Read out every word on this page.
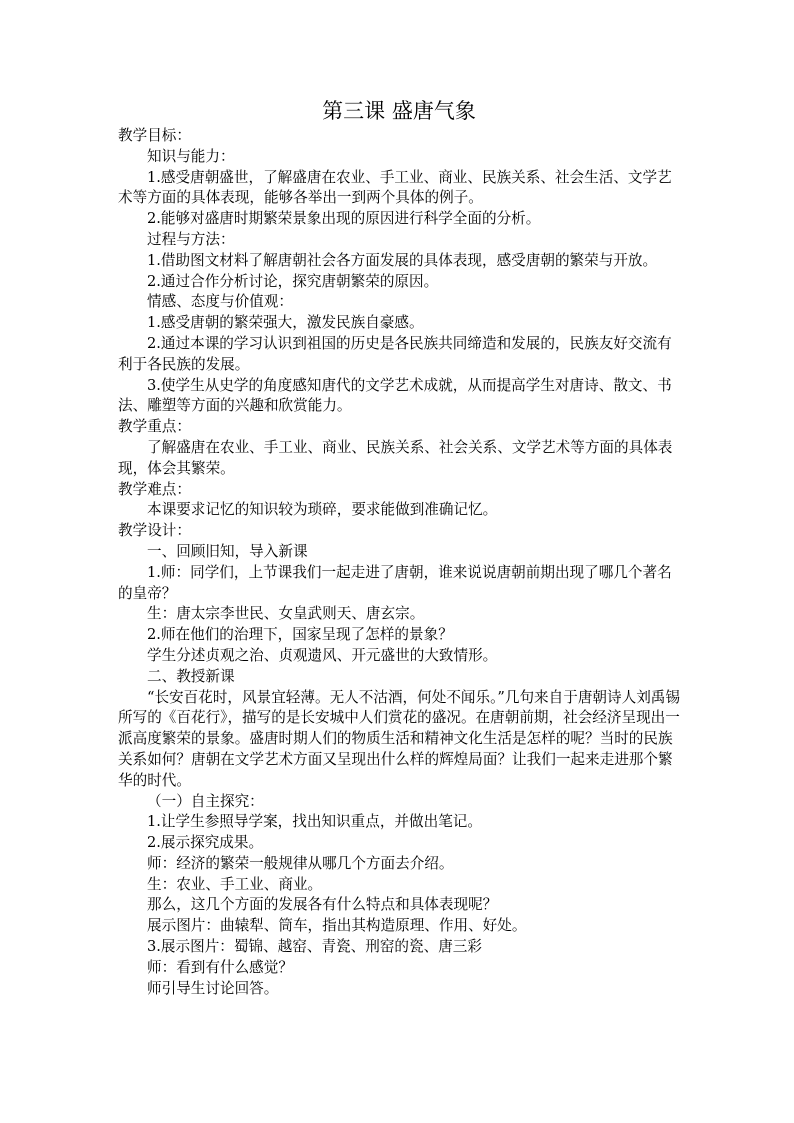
第三课 盛唐气象

教学目标：

知识与能力：

1.感受唐朝盛世，了解盛唐在农业、手工业、商业、民族关系、社会生活、文学艺术等方面的具体表现，能够各举出一到两个具体的例子。

2.能够对盛唐时期繁荣景象出现的原因进行科学全面的分析。

过程与方法：

1.借助图文材料了解唐朝社会各方面发展的具体表现，感受唐朝的繁荣与开放。

2.通过合作分析讨论，探究唐朝繁荣的原因。

情感、态度与价值观：

1.感受唐朝的繁荣强大，激发民族自豪感。

2.通过本课的学习认识到祖国的历史是各民族共同缔造和发展的，民族友好交流有利于各民族的发展。

3.使学生从史学的角度感知唐代的文学艺术成就，从而提高学生对唐诗、散文、书法、雕塑等方面的兴趣和欣赏能力。

教学重点：

了解盛唐在农业、手工业、商业、民族关系、社会关系、文学艺术等方面的具体表现，体会其繁荣。

教学难点：

本课要求记忆的知识较为琐碎，要求能做到准确记忆。

教学设计：

一、回顾旧知，导入新课

1.师：同学们，上节课我们一起走进了唐朝，谁来说说唐朝前期出现了哪几个著名的皇帝？

生：唐太宗李世民、女皇武则天、唐玄宗。

2.师在他们的治理下，国家呈现了怎样的景象？

学生分述贞观之治、贞观遗风、开元盛世的大致情形。

二、教授新课

“长安百花时，风景宜轻薄。无人不沽酒，何处不闻乐。”几句来自于唐朝诗人刘禹锡所写的《百花行》，描写的是长安城中人们赏花的盛况。在唐朝前期，社会经济呈现出一派高度繁荣的景象。盛唐时期人们的物质生活和精神文化生活是怎样的呢？当时的民族关系如何？唐朝在文学艺术方面又呈现出什么样的辉煌局面？让我们一起来走进那个繁华的时代。

（一）自主探究：

1.让学生参照导学案，找出知识重点，并做出笔记。

2.展示探究成果。

师：经济的繁荣一般规律从哪几个方面去介绍。

生：农业、手工业、商业。

那么，这几个方面的发展各有什么特点和具体表现呢？

展示图片：曲辕犁、筒车，指出其构造原理、作用、好处。

3.展示图片：蜀锦、越窑、青瓷、刑窑的瓷、唐三彩

师：看到有什么感觉？

师引导生讨论回答。
